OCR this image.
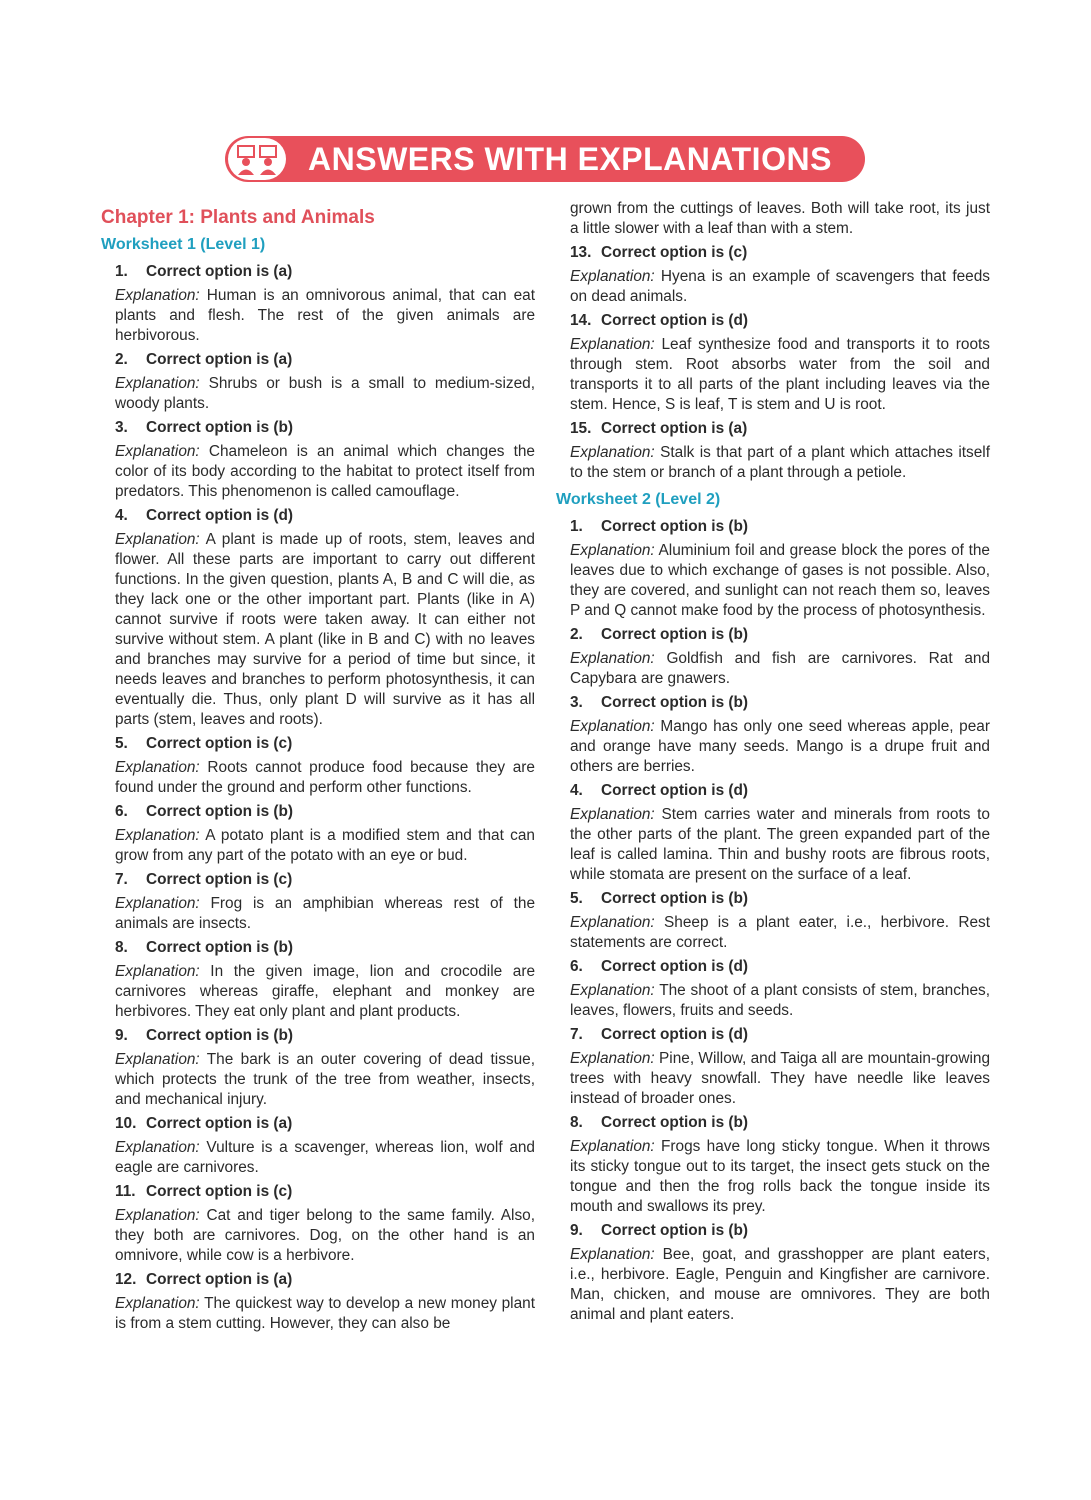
ANSWERS WITH EXPLANATIONS
Chapter 1: Plants and Animals
Worksheet 1 (Level 1)
1. Correct option is (a)
Explanation: Human is an omnivorous animal, that can eat plants and flesh. The rest of the given animals are herbivorous.
2. Correct option is (a)
Explanation: Shrubs or bush is a small to medium-sized, woody plants.
3. Correct option is (b)
Explanation: Chameleon is an animal which changes the color of its body according to the habitat to protect itself from predators. This phenomenon is called camouflage.
4. Correct option is (d)
Explanation: A plant is made up of roots, stem, leaves and flower. All these parts are important to carry out different functions. In the given question, plants A, B and C will die, as they lack one or the other important part. Plants (like in A) cannot survive if roots were taken away. It can either not survive without stem. A plant (like in B and C) with no leaves and branches may survive for a period of time but since, it needs leaves and branches to perform photosynthesis, it can eventually die. Thus, only plant D will survive as it has all parts (stem, leaves and roots).
5. Correct option is (c)
Explanation: Roots cannot produce food because they are found under the ground and perform other functions.
6. Correct option is (b)
Explanation: A potato plant is a modified stem and that can grow from any part of the potato with an eye or bud.
7. Correct option is (c)
Explanation: Frog is an amphibian whereas rest of the animals are insects.
8. Correct option is (b)
Explanation: In the given image, lion and crocodile are carnivores whereas giraffe, elephant and monkey are herbivores. They eat only plant and plant products.
9. Correct option is (b)
Explanation: The bark is an outer covering of dead tissue, which protects the trunk of the tree from weather, insects, and mechanical injury.
10. Correct option is (a)
Explanation: Vulture is a scavenger, whereas lion, wolf and eagle are carnivores.
11. Correct option is (c)
Explanation: Cat and tiger belong to the same family. Also, they both are carnivores. Dog, on the other hand is an omnivore, while cow is a herbivore.
12. Correct option is (a)
Explanation: The quickest way to develop a new money plant is from a stem cutting. However, they can also be
grown from the cuttings of leaves. Both will take root, its just a little slower with a leaf than with a stem.
13. Correct option is (c)
Explanation: Hyena is an example of scavengers that feeds on dead animals.
14. Correct option is (d)
Explanation: Leaf synthesize food and transports it to roots through stem. Root absorbs water from the soil and transports it to all parts of the plant including leaves via the stem. Hence, S is leaf, T is stem and U is root.
15. Correct option is (a)
Explanation: Stalk is that part of a plant which attaches itself to the stem or branch of a plant through a petiole.
Worksheet 2 (Level 2)
1. Correct option is (b)
Explanation: Aluminium foil and grease block the pores of the leaves due to which exchange of gases is not possible. Also, they are covered, and sunlight can not reach them so, leaves P and Q cannot make food by the process of photosynthesis.
2. Correct option is (b)
Explanation: Goldfish and fish are carnivores. Rat and Capybara are gnawers.
3. Correct option is (b)
Explanation: Mango has only one seed whereas apple, pear and orange have many seeds. Mango is a drupe fruit and others are berries.
4. Correct option is (d)
Explanation: Stem carries water and minerals from roots to the other parts of the plant. The green expanded part of the leaf is called lamina. Thin and bushy roots are fibrous roots, while stomata are present on the surface of a leaf.
5. Correct option is (b)
Explanation: Sheep is a plant eater, i.e., herbivore. Rest statements are correct.
6. Correct option is (d)
Explanation: The shoot of a plant consists of stem, branches, leaves, flowers, fruits and seeds.
7. Correct option is (d)
Explanation: Pine, Willow, and Taiga all are mountain-growing trees with heavy snowfall. They have needle like leaves instead of broader ones.
8. Correct option is (b)
Explanation: Frogs have long sticky tongue. When it throws its sticky tongue out to its target, the insect gets stuck on the tongue and then the frog rolls back the tongue inside its mouth and swallows its prey.
9. Correct option is (b)
Explanation: Bee, goat, and grasshopper are plant eaters, i.e., herbivore. Eagle, Penguin and Kingfisher are carnivore. Man, chicken, and mouse are omnivores. They are both animal and plant eaters.
